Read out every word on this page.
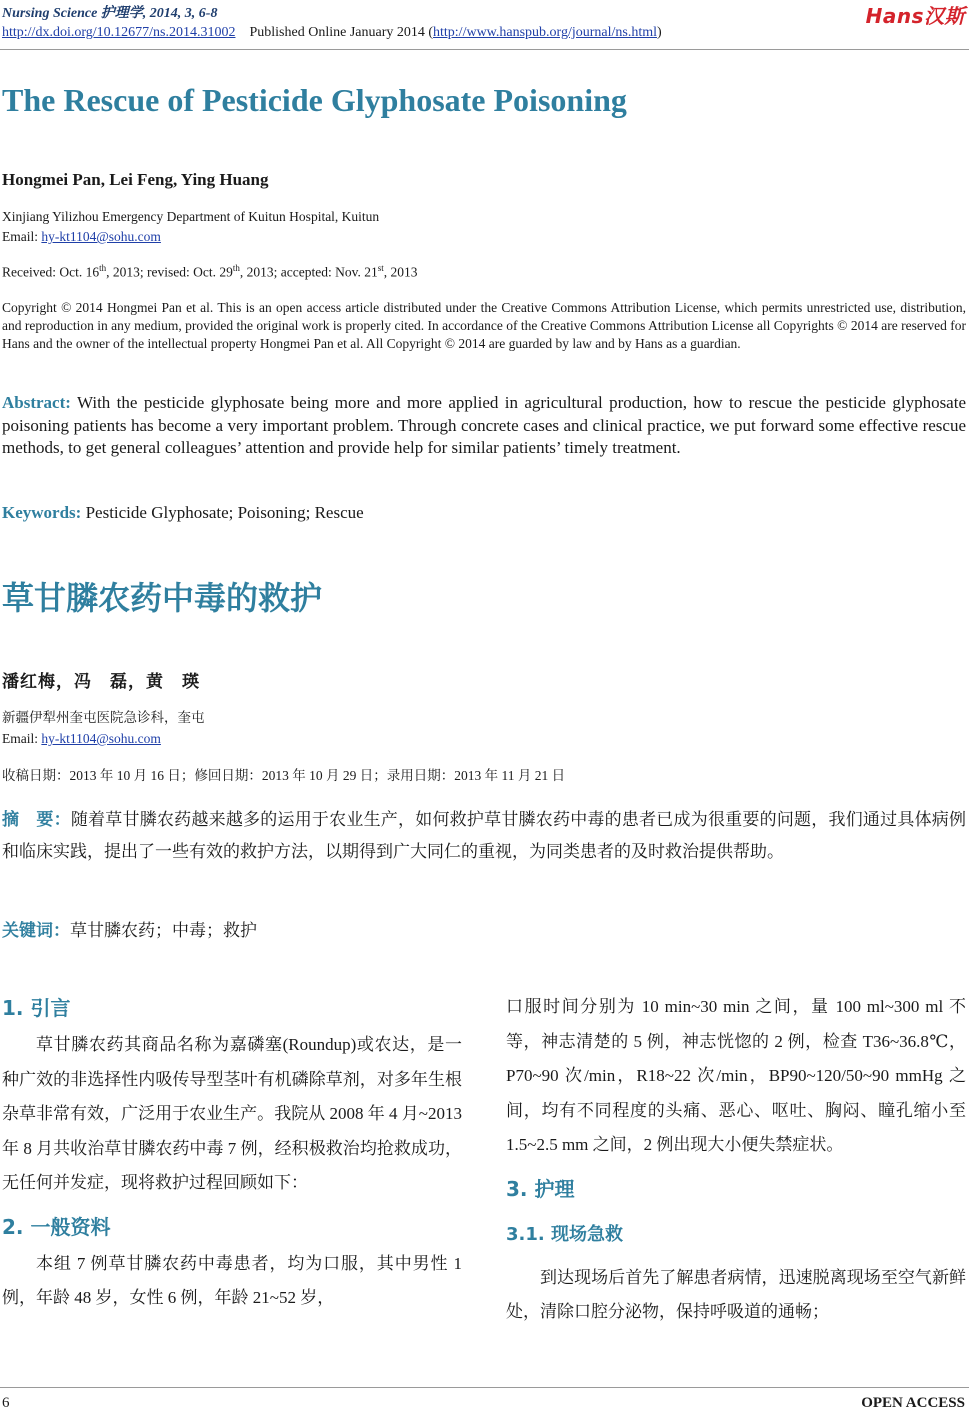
Nursing Science 护理学, 2014, 3, 6-8	Hans汉斯
http://dx.doi.org/10.12677/ns.2014.31002 Published Online January 2014 (http://www.hanspub.org/journal/ns.html)
The Rescue of Pesticide Glyphosate Poisoning
Hongmei Pan, Lei Feng, Ying Huang
Xinjiang Yilizhou Emergency Department of Kuitun Hospital, Kuitun
Email: hy-kt1104@sohu.com
Received: Oct. 16th, 2013; revised: Oct. 29th, 2013; accepted: Nov. 21st, 2013
Copyright © 2014 Hongmei Pan et al. This is an open access article distributed under the Creative Commons Attribution License, which permits unrestricted use, distribution, and reproduction in any medium, provided the original work is properly cited. In accordance of the Creative Commons Attribution License all Copyrights © 2014 are reserved for Hans and the owner of the intellectual property Hongmei Pan et al. All Copyright © 2014 are guarded by law and by Hans as a guardian.
Abstract: With the pesticide glyphosate being more and more applied in agricultural production, how to rescue the pesticide glyphosate poisoning patients has become a very important problem. Through concrete cases and clinical practice, we put forward some effective rescue methods, to get general colleagues’ attention and provide help for similar patients’ timely treatment.
Keywords: Pesticide Glyphosate; Poisoning; Rescue
草甘膦农药中毒的救护
潘红梅，冯　磊，黄　瑛
新疆伊犁州奎屯医院急诊科，奎屯
Email: hy-kt1104@sohu.com
收稿日期：2013 年 10 月 16 日；修回日期：2013 年 10 月 29 日；录用日期：2013 年 11 月 21 日
摘　要：随着草甘膦农药越来越多的运用于农业生产，如何救护草甘膦农药中毒的患者已成为很重要的问题，我们通过具体病例和临床实践，提出了一些有效的救护方法，以期得到广大同仁的重视，为同类患者的及时救治提供帮助。
关键词：草甘膦农药；中毒；救护
1. 引言

草甘膦农药其商品名称为嘉磷塞(Roundup)或农达，是一种广效的非选择性内吸传导型茎叶有机磷除草剂，对多年生根杂草非常有效，广泛用于农业生产。我院从 2008 年 4 月~2013 年 8 月共收治草甘膦农药中毒 7 例，经积极救治均抢救成功，无任何并发症，现将救护过程回顾如下：

2. 一般资料

本组 7 例草甘膦农药中毒患者，均为口服，其中男性 1 例，年龄 48 岁，女性 6 例，年龄 21~52 岁，

口服时间分别为 10 min~30 min 之间，量 100 ml~300 ml 不等，神志清楚的 5 例，神志恍惚的 2 例，检查 T36~36.8℃，P70~90 次/min，R18~22 次/min，BP90~120/50~90 mmHg 之间，均有不同程度的头痛、恶心、呕吐、胸闷、瞳孔缩小至 1.5~2.5 mm 之间，2 例出现大小便失禁症状。

3. 护理
3.1. 现场急救

到达现场后首先了解患者病情，迅速脱离现场至空气新鲜处，清除口腔分泌物，保持呼吸道的通畅；

6	OPEN ACCESS
